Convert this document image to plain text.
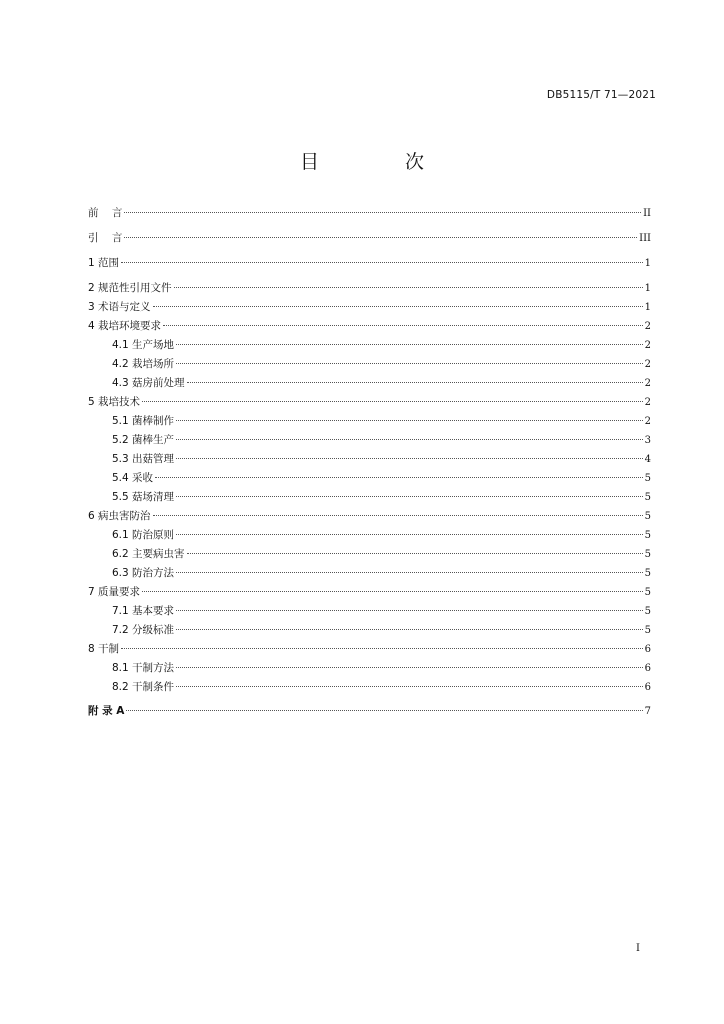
DB5115/T 71—2021
目 次
前    言	II
引    言	III
1 范围	1
2 规范性引用文件	1
3 术语与定义	1
4 栽培环境要求	2
4.1 生产场地	2
4.2 栽培场所	2
4.3 菇房前处理	2
5 栽培技术	2
5.1 菌棒制作	2
5.2 菌棒生产	3
5.3 出菇管理	4
5.4 采收	5
5.5 菇场清理	5
6 病虫害防治	5
6.1 防治原则	5
6.2 主要病虫害	5
6.3 防治方法	5
7 质量要求	5
7.1 基本要求	5
7.2 分级标准	5
8 干制	6
8.1 干制方法	6
8.2 干制条件	6
附 录 A	7
I
